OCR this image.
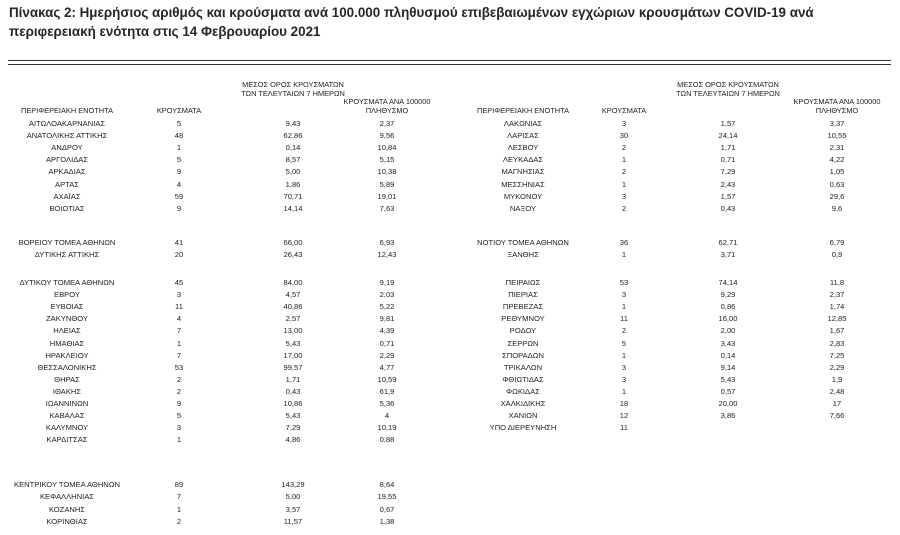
Πίνακας 2: Ημερήσιος αριθμός και κρούσματα ανά 100.000 πληθυσμού επιβεβαιωμένων εγχώριων κρουσμάτων COVID-19 ανά περιφερειακή ενότητα στις 14 Φεβρουαρίου 2021
ΠΕΡΙΦΕΡΕΙΑΚΗ ΕΝΟΤΗΤΑ	ΚΡΟΥΣΜΑΤΑ
ΜΕΣΟΣ ΟΡΟΣ ΚΡΟΥΣΜΑΤΩΝ ΤΩΝ ΤΕΛΕΥΤΑΙΩΝ 7 ΗΜΕΡΩΝ
ΚΡΟΥΣΜΑΤΑ ΑΝΑ 100000 ΠΛΗΘΥΣΜΟ	ΠΕΡΙΦΕΡΕΙΑΚΗ ΕΝΟΤΗΤΑ	ΚΡΟΥΣΜΑΤΑ
ΜΕΣΟΣ ΟΡΟΣ ΚΡΟΥΣΜΑΤΩΝ ΤΩΝ ΤΕΛΕΥΤΑΙΩΝ 7 ΗΜΕΡΩΝ
ΚΡΟΥΣΜΑΤΑ ΑΝΑ 100000 ΠΛΗΘΥΣΜΟ
ΑΙΤΩΛΟΑΚΑΡΝΑΝΙΑΣ	5	9,43	2,37
ΑΝΑΤΟΛΙΚΗΣ ΑΤΤΙΚΗΣ	48	62,86	9,56
ΑΝΔΡΟΥ	1	0,14	10,84
ΑΡΓΟΛΙΔΑΣ	5	8,57	5,15
ΑΡΚΑΔΙΑΣ	9	5,00	10,38
ΑΡΤΑΣ	4	1,86	5,89
ΑΧΑΪΑΣ	59	70,71	19,01
ΒΟΙΩΤΙΑΣ	9	14,14	7,63
ΒΟΡΕΙΟΥ ΤΟΜΕΑ ΑΘΗΝΩΝ	41	66,00	6,93
ΔΥΤΙΚΗΣ ΑΤΤΙΚΗΣ	20	26,43	12,43
ΔΥΤΙΚΟΥ ΤΟΜΕΑ ΑΘΗΝΩΝ	45	84,00	9,19
ΕΒΡΟΥ	3	4,57	2,03
ΕΥΒΟΙΑΣ	11	40,86	5,22
ΖΑΚΥΝΘΟΥ	4	2,57	9,81
ΗΛΕΙΑΣ	7	13,00	4,39
ΗΜΑΘΙΑΣ	1	5,43	0,71
ΗΡΑΚΛΕΙΟΥ	7	17,00	2,29
ΘΕΣΣΑΛΟΝΙΚΗΣ	53	99,57	4,77
ΘΗΡΑΣ	2	1,71	10,59
ΙΘΑΚΗΣ	2	0,43	61,9
ΙΩΑΝΝΙΝΩΝ	9	10,86	5,36
ΚΑΒΑΛΑΣ	5	5,43	4
ΚΑΛΥΜΝΟΥ	3	7,29	10,19
ΚΑΡΔΙΤΣΑΣ	1	4,86	0,88
ΚΕΝΤΡΙΚΟΥ ΤΟΜΕΑ ΑΘΗΝΩΝ	89	143,29	8,64
ΚΕΦΑΛΛΗΝΙΑΣ	7	5,00	19,55
ΚΟΖΑΝΗΣ	1	3,57	0,67
ΚΟΡΙΝΘΙΑΣ	2	11,57	1,38
ΛΑΚΩΝΙΑΣ	3	1,57	3,37
ΛΑΡΙΣΑΣ	30	24,14	10,55
ΛΕΣΒΟΥ	2	1,71	2,31
ΛΕΥΚΑΔΑΣ	1	0,71	4,22
ΜΑΓΝΗΣΙΑΣ	2	7,29	1,05
ΜΕΣΣΗΝΙΑΣ	1	2,43	0,63
ΜΥΚΟΝΟΥ	3	1,57	29,6
ΝΑΞΟΥ	2	0,43	9,6
ΝΟΤΙΟΥ ΤΟΜΕΑ ΑΘΗΝΩΝ	36	62,71	6,79
ΞΑΝΘΗΣ	1	3,71	0,9
ΠΕΙΡΑΙΩΣ	53	74,14	11,8
ΠΙΕΡΙΑΣ	3	9,29	2,37
ΠΡΕΒΕΖΑΣ	1	0,86	1,74
ΡΕΘΥΜΝΟΥ	11	16,00	12,85
ΡΟΔΟΥ	2	2,00	1,67
ΣΕΡΡΩΝ	5	3,43	2,83
ΣΠΟΡΑΔΩΝ	1	0,14	7,25
ΤΡΙΚΑΛΩΝ	3	9,14	2,29
ΦΘΙΩΤΙΔΑΣ	3	5,43	1,9
ΦΩΚΙΔΑΣ	1	0,57	2,48
ΧΑΛΚΙΔΙΚΗΣ	18	20,00	17
ΧΑΝΙΩΝ	12	3,86	7,66
ΥΠΟ ΔΙΕΡΕΥΝΗΣΗ	11
